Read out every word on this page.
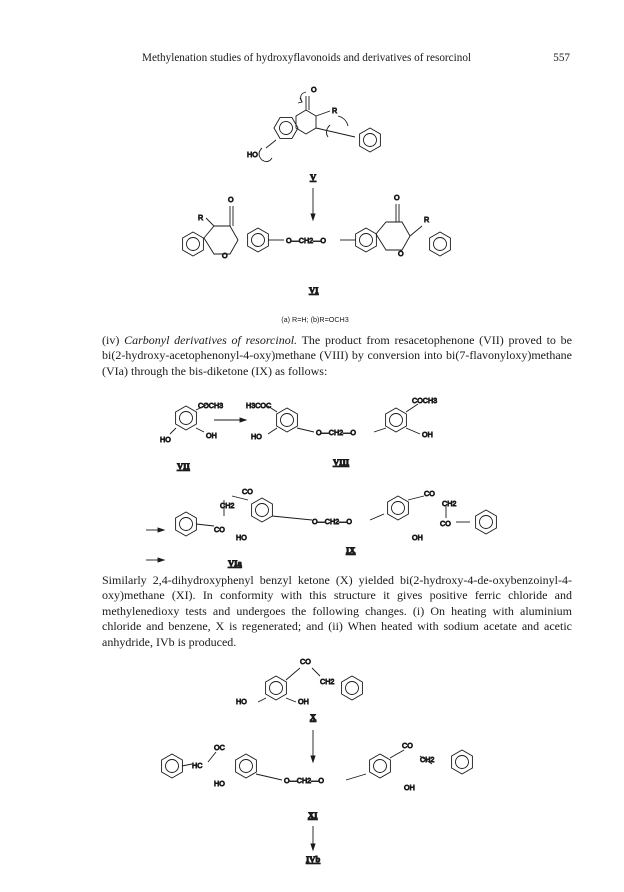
Methylenation studies of hydroxyflavonoids and derivatives of resorcinol	557
O
R
HO
V
O
R
O—CH2—O
O
R
O	O
VI
COCH3
HO	OH
VII
H3COC
HO	O—CH2—O
COCH3
OH
VIII
CO
CH2
CO
HO
O—CH2—O
CO
CH2
CO
OH
IX
VIa
CO
CH2
HO	OH
X
OC
HC
HO	O—CH2—O
CO
CH2
OH
XI
IVb
(a) R=H; (b)R=OCH3

(iv) Carbonyl derivatives of resorcinol. The product from resacetophenone (VII) proved to be bi(2-hydroxy-acetophenonyl-4-oxy)methane (VIII) by conversion into bi(7-flavonyloxy)methane (VIa) through the bis-diketone (IX) as follows:

Similarly 2,4-dihydroxyphenyl benzyl ketone (X) yielded bi(2-hydroxy-4-de-oxybenzoinyl-4-oxy)methane (XI). In conformity with this structure it gives positive ferric chloride and methylenedioxy tests and undergoes the following changes. (i) On heating with aluminium chloride and benzene, X is regenerated; and (ii) When heated with sodium acetate and acetic anhydride, IVb is produced.
